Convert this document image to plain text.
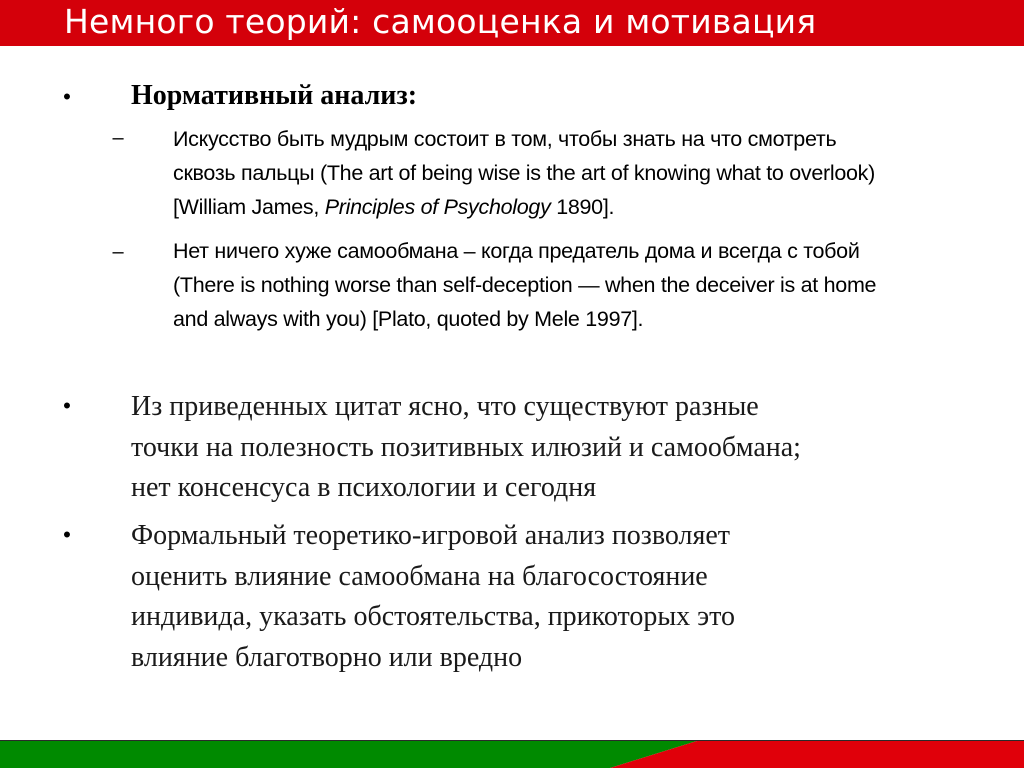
Немного теорий: самооценка и мотивация
• Нормативный анализ:
– Искусство быть мудрым состоит в том, чтобы знать на что смотреть
сквозь пальцы (The art of being wise is the art of knowing what to overlook)
[William James, Principles of Psychology 1890].

– Нет ничего хуже самообмана – когда предатель дома и всегда с тобой
(There is nothing worse than self-deception — when the deceiver is at home
and always with you) [Plato, quoted by Mele 1997].

• Из приведенных цитат ясно, что существуют разные
точки на полезность позитивных илюзий и самообмана;
нет консенсуса в психологии и сегодня

• Формальный теоретико-игровой анализ позволяет
оценить влияние самообмана на благосостояние
индивида, указать обстоятельства, прикоторых это
влияние благотворно или вредно
